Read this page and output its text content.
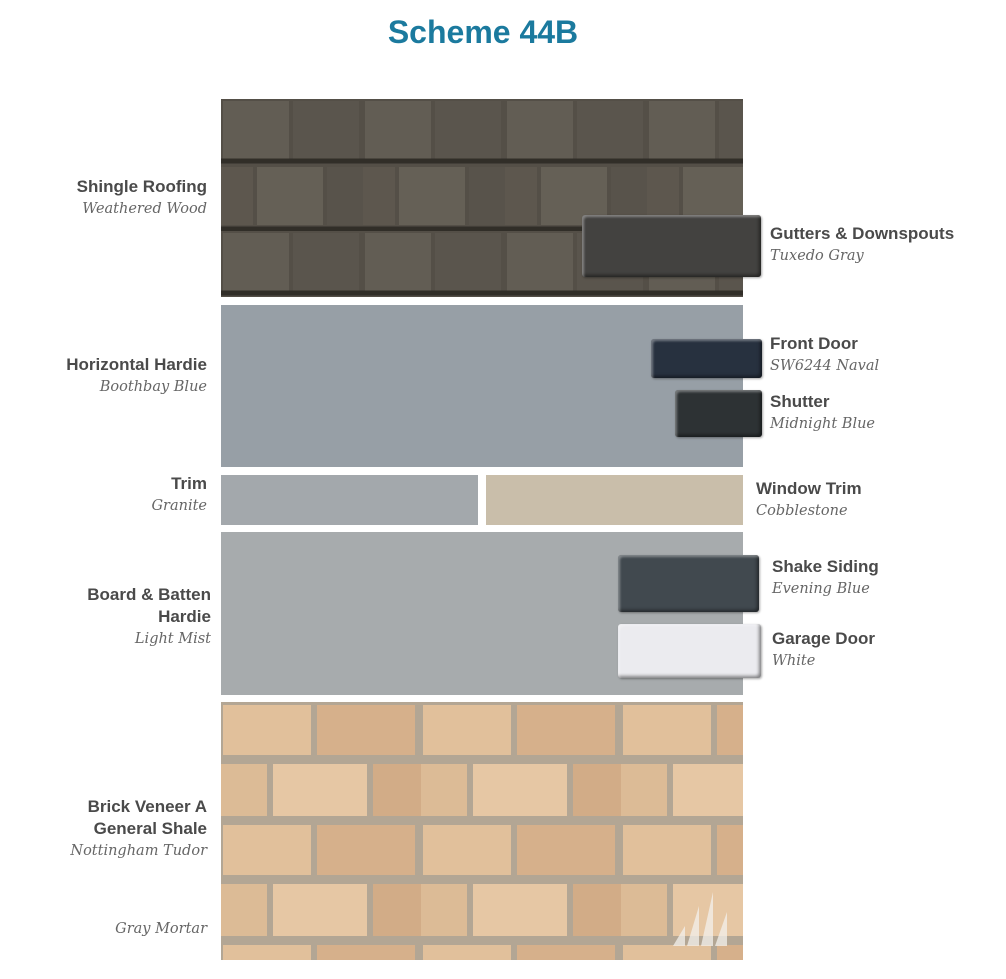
Scheme 44B
Shingle Roofing
Weathered Wood
Horizontal Hardie
Boothbay Blue
Trim
Granite
Board & Batten
Hardie
Light Mist
Brick Veneer A
General Shale
Nottingham Tudor
Gray Mortar
Gutters & Downspouts
Tuxedo Gray
Front Door
SW6244 Naval
Shutter
Midnight Blue
Window Trim
Cobblestone
Shake Siding
Evening Blue
Garage Door
White
